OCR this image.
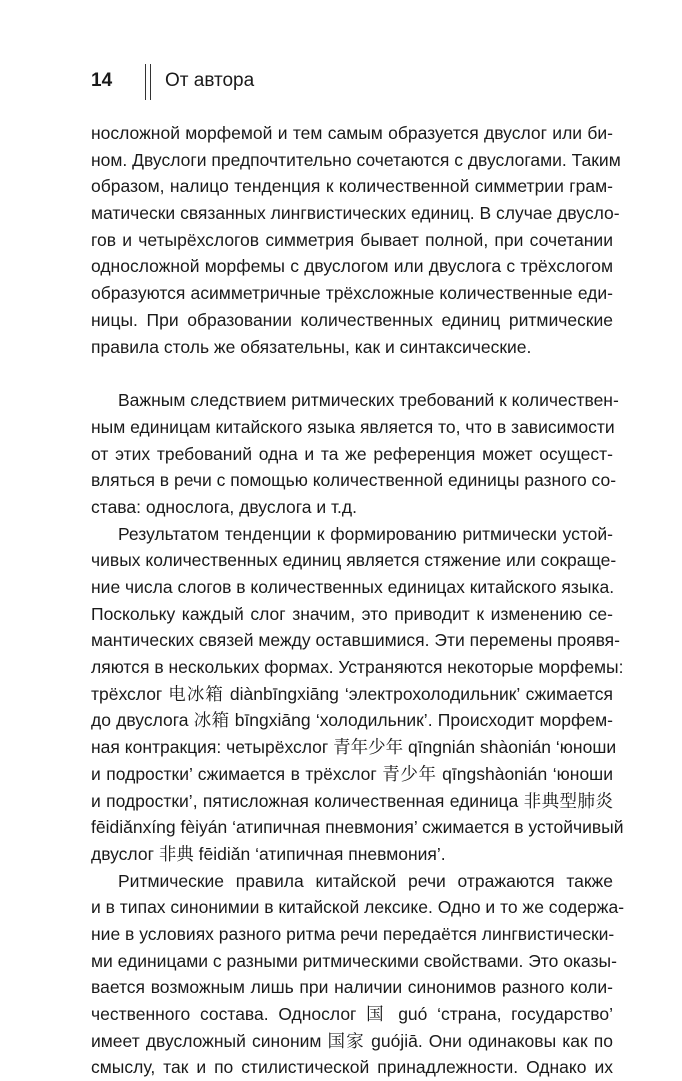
14	От автора
носложной морфемой и тем самым образуется двуслог или би-
ном. Двуслоги предпочтительно сочетаются с двуслогами. Таким
образом, налицо тенденция к количественной симметрии грам-
матически связанных лингвистических единиц. В случае двусло-
гов и четырёхслогов симметрия бывает полной, при сочетании
односложной морфемы с двуслогом или двуслога с трёхслогом
образуются асимметричные трёхсложные количественные еди-
ницы. При образовании количественных единиц ритмические
правила столь же обязательны, как и синтаксические.
Важным следствием ритмических требований к количествен-
ным единицам китайского языка является то, что в зависимости
от этих требований одна и та же референция может осущест-
вляться в речи с помощью количественной единицы разного со-
става: однослога, двуслога и т.д.
Результатом тенденции к формированию ритмически устой-
чивых количественных единиц является стяжение или сокраще-
ние числа слогов в количественных единицах китайского языка.
Поскольку каждый слог значим, это приводит к изменению се-
мантических связей между оставшимися. Эти перемены проявя-
ляются в нескольких формах. Устраняются некоторые морфемы:
трёхслог 电冰箱 diànbīngxiāng ‘электрохолодильник’ сжимается
до двуслога 冰箱 bīngxiāng ‘холодильник’. Происходит морфем-
ная контракция: четырёхслог 青年少年 qīngnián shàonián ‘юноши
и подростки’ сжимается в трёхслог 青少年 qīngshàonián ‘юноши
и подростки’, пятисложная количественная единица 非典型肺炎
fēidiǎnxíng fèiyán ‘атипичная пневмония’ сжимается в устойчивый
двуслог 非典 fēidiǎn ‘атипичная пневмония’.
Ритмические правила китайской речи отражаются также
и в типах синонимии в китайской лексике. Одно и то же содержа-
ние в условиях разного ритма речи передаётся лингвистически-
ми единицами с разными ритмическими свойствами. Это оказы-
вается возможным лишь при наличии синонимов разного коли-
чественного состава. Однослог 国 guó ‘страна, государство’
имеет двусложный синоним 国家 guójiā. Они одинаковы как по
смыслу, так и по стилистической принадлежности. Однако их
